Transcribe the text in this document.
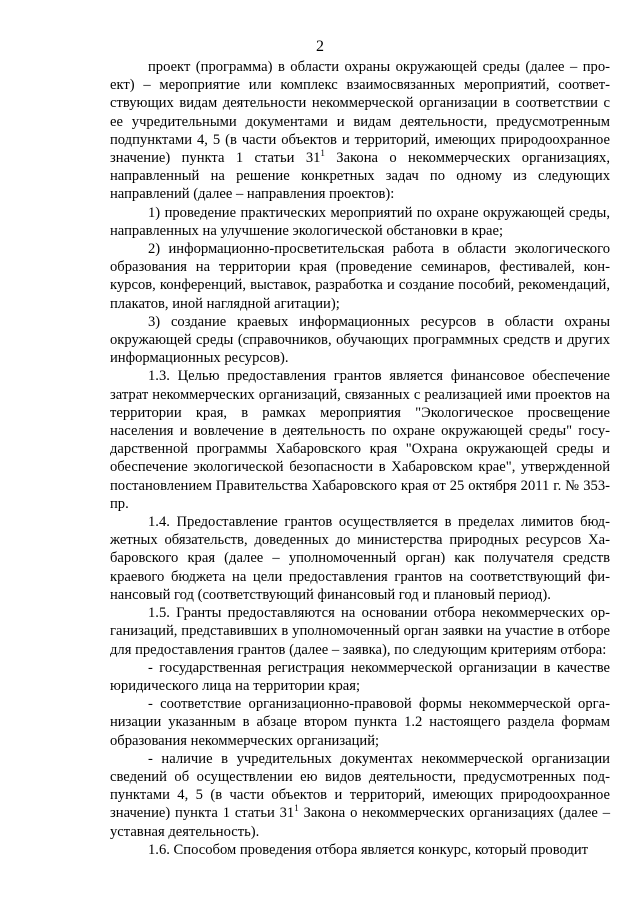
2

проект (программа) в области охраны окружающей среды (далее – проект) – мероприятие или комплекс взаимосвязанных мероприятий, соответствующих видам деятельности некоммерческой организации в соответствии с ее учредительными документами и видам деятельности, предусмотренным подпунктами 4, 5 (в части объектов и территорий, имеющих природоохранное значение) пункта 1 статьи $31^1$ Закона о некоммерческих организациях, направленный на решение конкретных задач по одному из следующих направлений (далее – направления проектов):

1) проведение практических мероприятий по охране окружающей среды, направленных на улучшение экологической обстановки в крае;

2) информационно-просветительская работа в области экологического образования на территории края (проведение семинаров, фестивалей, конкурсов, конференций, выставок, разработка и создание пособий, рекомендаций, плакатов, иной наглядной агитации);

3) создание краевых информационных ресурсов в области охраны окружающей среды (справочников, обучающих программных средств и других информационных ресурсов).

1.3. Целью предоставления грантов является финансовое обеспечение затрат некоммерческих организаций, связанных с реализацией ими проектов на территории края, в рамках мероприятия "Экологическое просвещение населения и вовлечение в деятельность по охране окружающей среды" государственной программы Хабаровского края "Охрана окружающей среды и обеспечение экологической безопасности в Хабаровском крае", утвержденной постановлением Правительства Хабаровского края от 25 октября 2011 г. № 353-пр.

1.4. Предоставление грантов осуществляется в пределах лимитов бюджетных обязательств, доведенных до министерства природных ресурсов Хабаровского края (далее – уполномоченный орган) как получателя средств краевого бюджета на цели предоставления грантов на соответствующий финансовый год (соответствующий финансовый год и плановый период).

1.5. Гранты предоставляются на основании отбора некоммерческих организаций, представивших в уполномоченный орган заявки на участие в отборе для предоставления грантов (далее – заявка), по следующим критериям отбора:

- государственная регистрация некоммерческой организации в качестве юридического лица на территории края;

- соответствие организационно-правовой формы некоммерческой организации указанным в абзаце втором пункта 1.2 настоящего раздела формам образования некоммерческих организаций;

- наличие в учредительных документах некоммерческой организации сведений об осуществлении ею видов деятельности, предусмотренных подпунктами 4, 5 (в части объектов и территорий, имеющих природоохранное значение) пункта 1 статьи $31^1$ Закона о некоммерческих организациях (далее – уставная деятельность).

1.6. Способом проведения отбора является конкурс, который проводит
